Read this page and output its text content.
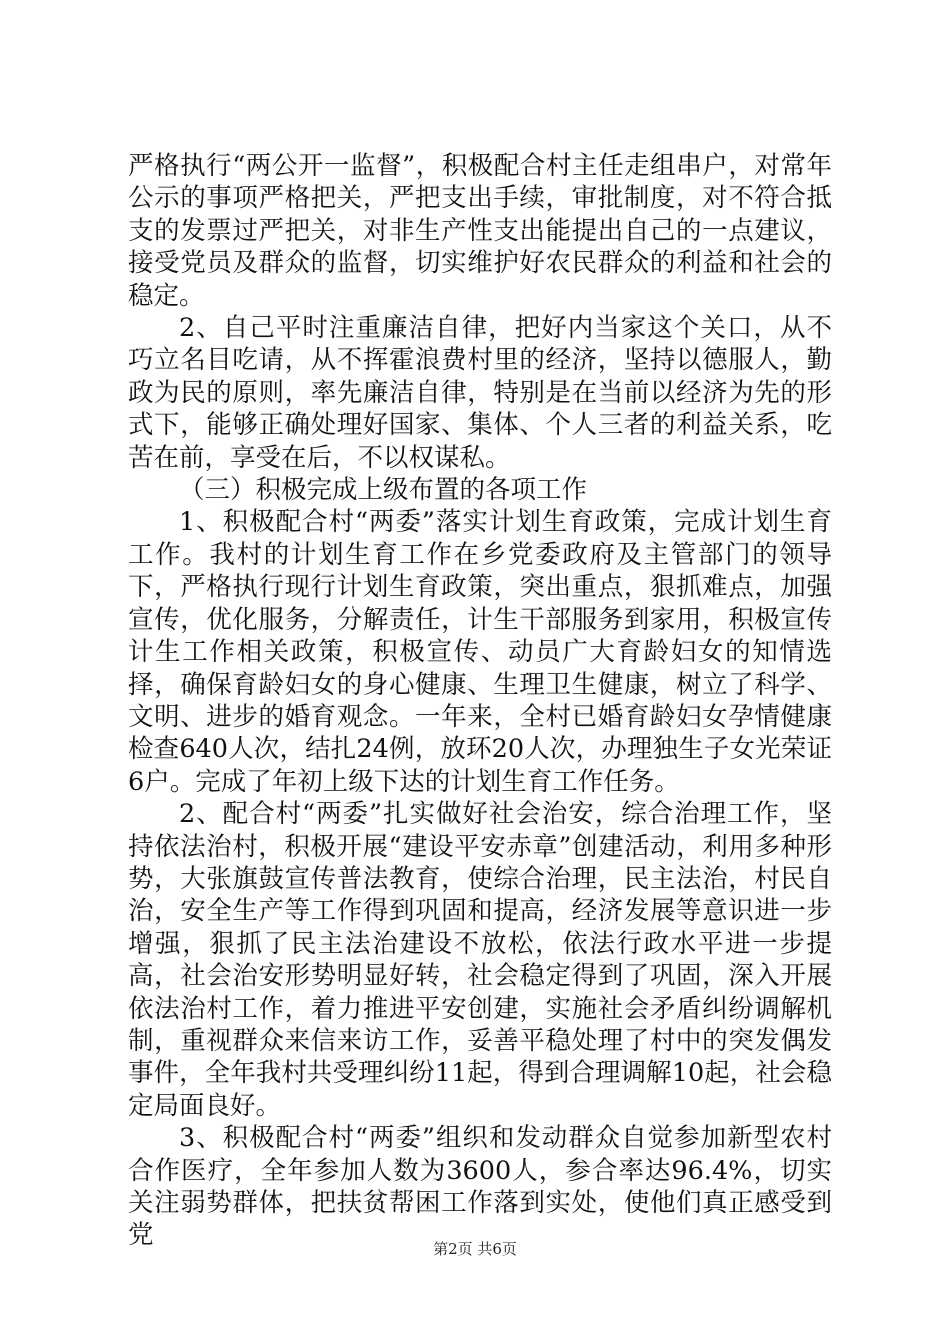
严格执行“两公开一监督”，积极配合村主任走组串户，对常年公示的事项严格把关，严把支出手续，审批制度，对不符合抵支的发票过严把关，对非生产性支出能提出自己的一点建议，接受党员及群众的监督，切实维护好农民群众的利益和社会的稳定。

2、自己平时注重廉洁自律，把好内当家这个关口，从不巧立名目吃请，从不挥霍浪费村里的经济，坚持以德服人，勤政为民的原则，率先廉洁自律，特别是在当前以经济为先的形式下，能够正确处理好国家、集体、个人三者的利益关系，吃苦在前，享受在后，不以权谋私。

（三）积极完成上级布置的各项工作

1、积极配合村“两委”落实计划生育政策，完成计划生育工作。我村的计划生育工作在乡党委政府及主管部门的领导下，严格执行现行计划生育政策，突出重点，狠抓难点，加强宣传，优化服务，分解责任，计生干部服务到家用，积极宣传计生工作相关政策，积极宣传、动员广大育龄妇女的知情选择，确保育龄妇女的身心健康、生理卫生健康，树立了科学、文明、进步的婚育观念。一年来，全村已婚育龄妇女孕情健康检查640人次，结扎24例，放环20人次，办理独生子女光荣证6户。完成了年初上级下达的计划生育工作任务。

2、配合村“两委”扎实做好社会治安，综合治理工作，坚持依法治村，积极开展“建设平安赤章”创建活动，利用多种形势，大张旗鼓宣传普法教育，使综合治理，民主法治，村民自治，安全生产等工作得到巩固和提高，经济发展等意识进一步增强，狠抓了民主法治建设不放松，依法行政水平进一步提高，社会治安形势明显好转，社会稳定得到了巩固，深入开展依法治村工作，着力推进平安创建，实施社会矛盾纠纷调解机制，重视群众来信来访工作，妥善平稳处理了村中的突发偶发事件，全年我村共受理纠纷11起，得到合理调解10起，社会稳定局面良好。

3、积极配合村“两委”组织和发动群众自觉参加新型农村合作医疗，全年参加人数为3600人，参合率达96.4%，切实关注弱势群体，把扶贫帮困工作落到实处，使他们真正感受到党	第2页 共6页
